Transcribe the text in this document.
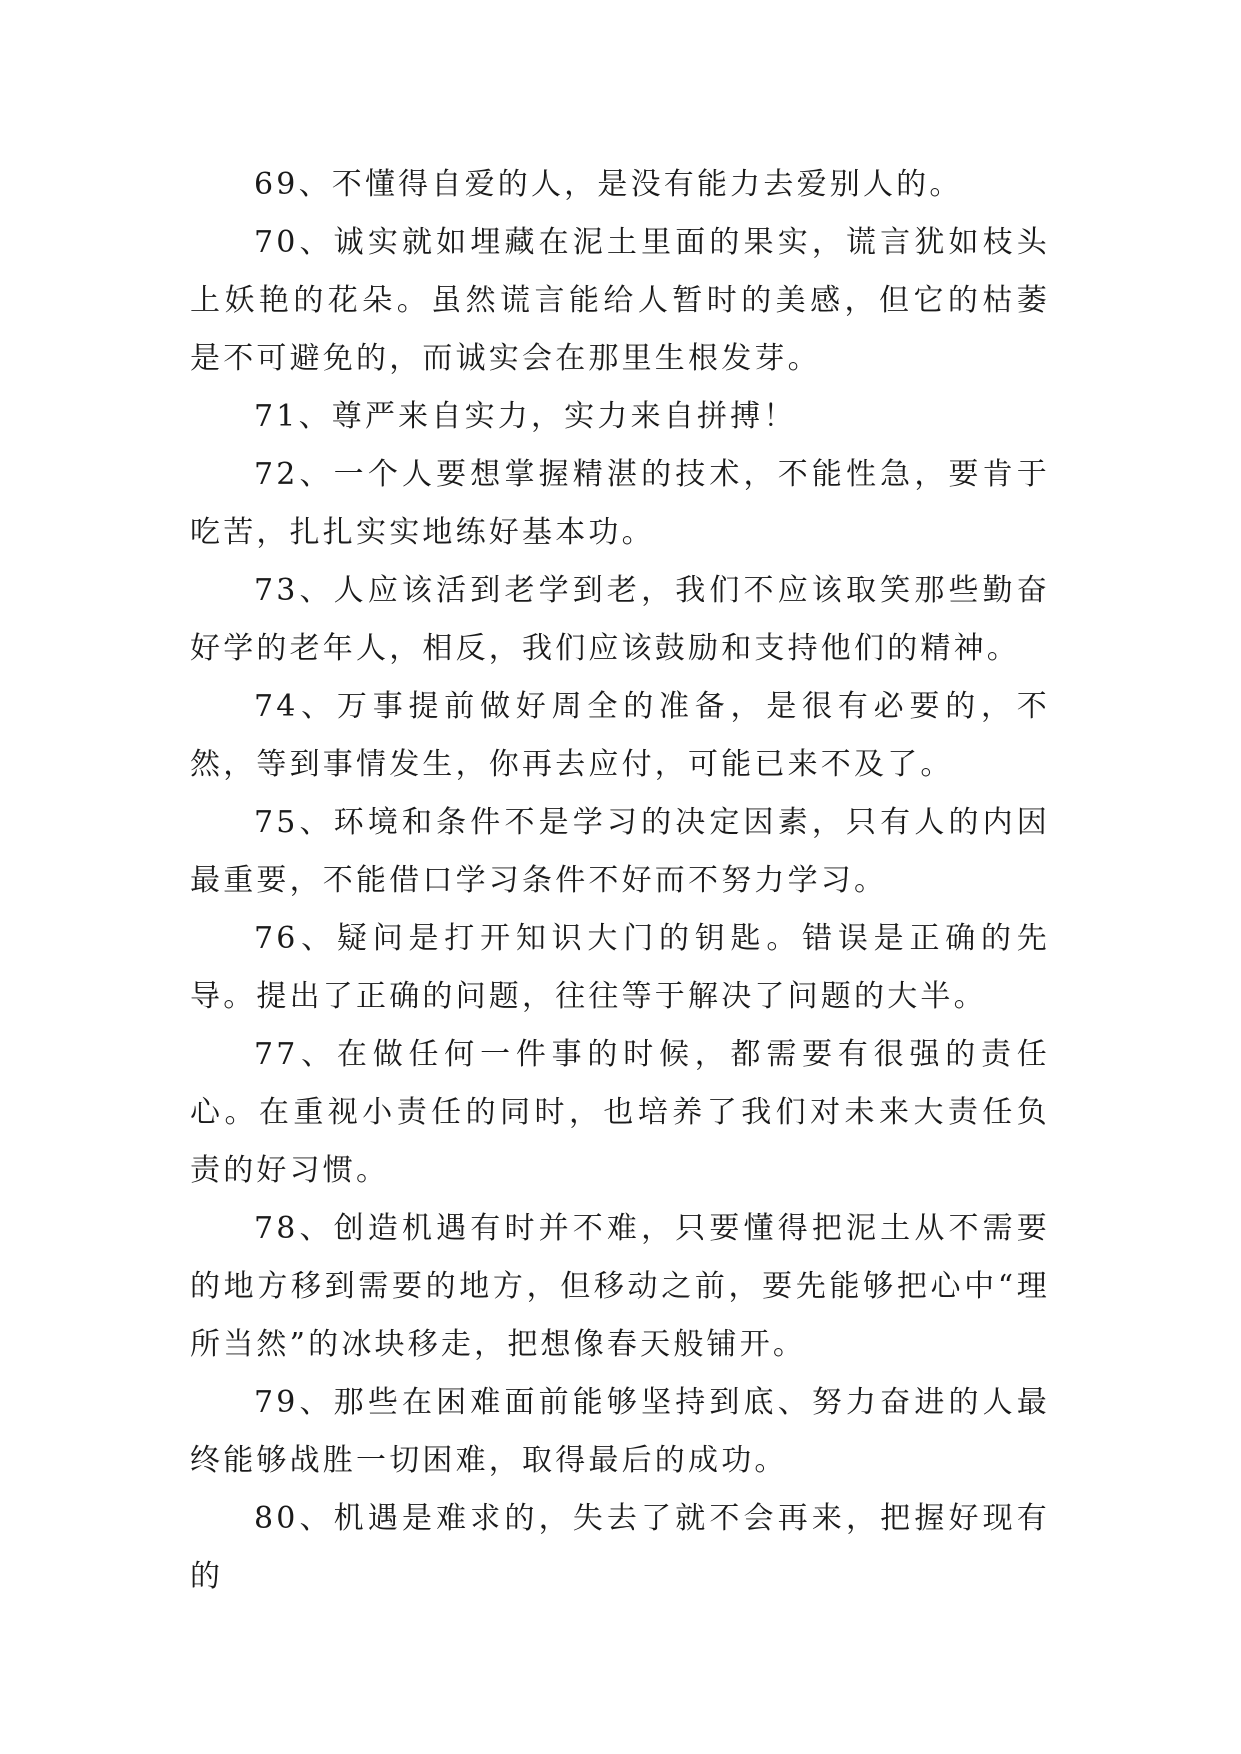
69、不懂得自爱的人，是没有能力去爱别人的。

70、诚实就如埋藏在泥土里面的果实，谎言犹如枝头上妖艳的花朵。虽然谎言能给人暂时的美感，但它的枯萎是不可避免的，而诚实会在那里生根发芽。

71、尊严来自实力，实力来自拼搏！

72、一个人要想掌握精湛的技术，不能性急，要肯于吃苦，扎扎实实地练好基本功。

73、人应该活到老学到老，我们不应该取笑那些勤奋好学的老年人，相反，我们应该鼓励和支持他们的精神。

74、万事提前做好周全的准备，是很有必要的，不然，等到事情发生，你再去应付，可能已来不及了。

75、环境和条件不是学习的决定因素，只有人的内因最重要，不能借口学习条件不好而不努力学习。

76、疑问是打开知识大门的钥匙。错误是正确的先导。提出了正确的问题，往往等于解决了问题的大半。

77、在做任何一件事的时候，都需要有很强的责任心。在重视小责任的同时，也培养了我们对未来大责任负责的好习惯。

78、创造机遇有时并不难，只要懂得把泥土从不需要的地方移到需要的地方，但移动之前，要先能够把心中“理所当然”的冰块移走，把想像春天般铺开。

79、那些在困难面前能够坚持到底、努力奋进的人最终能够战胜一切困难，取得最后的成功。

80、机遇是难求的，失去了就不会再来，把握好现有的
